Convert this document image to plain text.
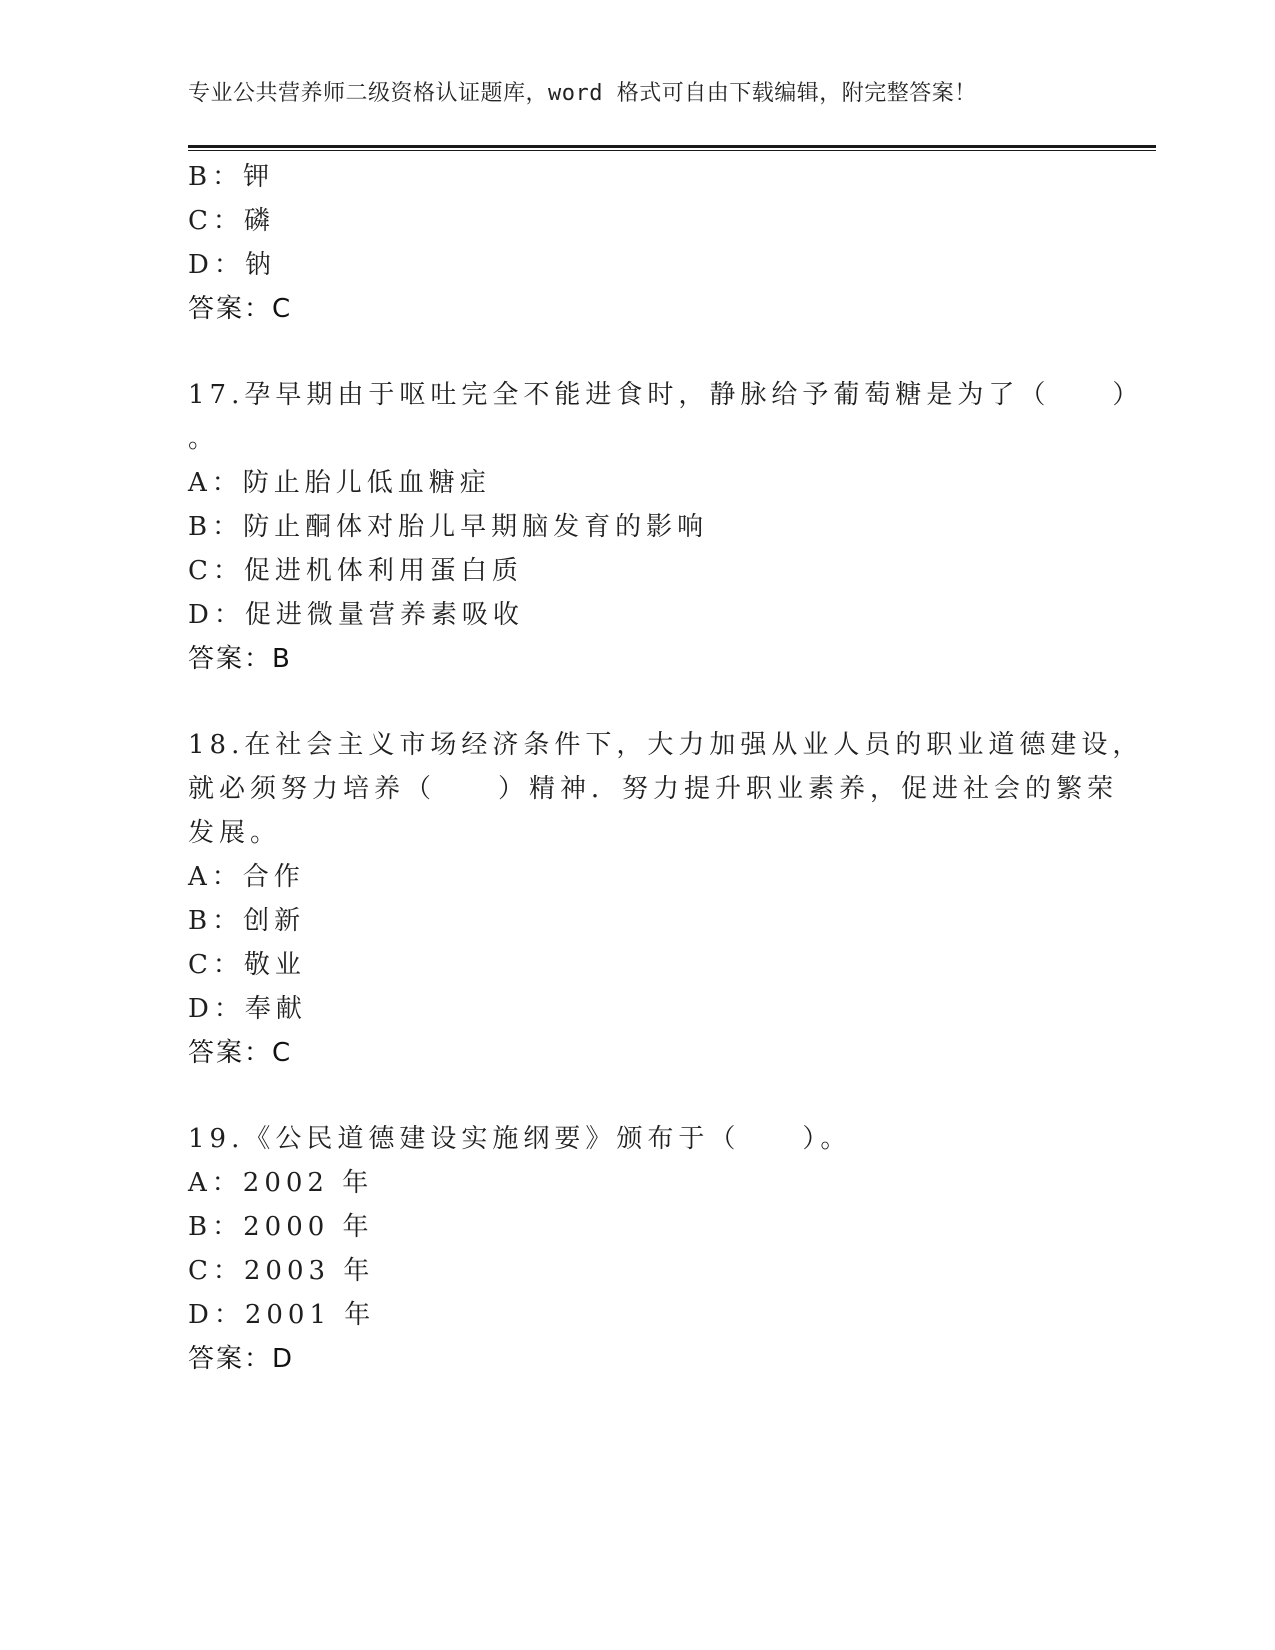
专业公共营养师二级资格认证题库，word 格式可自由下载编辑，附完整答案！
B：钾
C：磷
D：钠
答案：C
17.孕早期由于呕吐完全不能进食时，静脉给予葡萄糖是为了（　　）
。
A：防止胎儿低血糖症
B：防止酮体对胎儿早期脑发育的影响
C：促进机体利用蛋白质
D：促进微量营养素吸收
答案：B
18.在社会主义市场经济条件下，大力加强从业人员的职业道德建设，
就必须努力培养（　　）精神．努力提升职业素养，促进社会的繁荣
发展。
A：合作
B：创新
C：敬业
D：奉献
答案：C
19.《公民道德建设实施纲要》颁布于（　　）。
A：2002 年
B：2000 年
C：2003 年
D：2001 年
答案：D
